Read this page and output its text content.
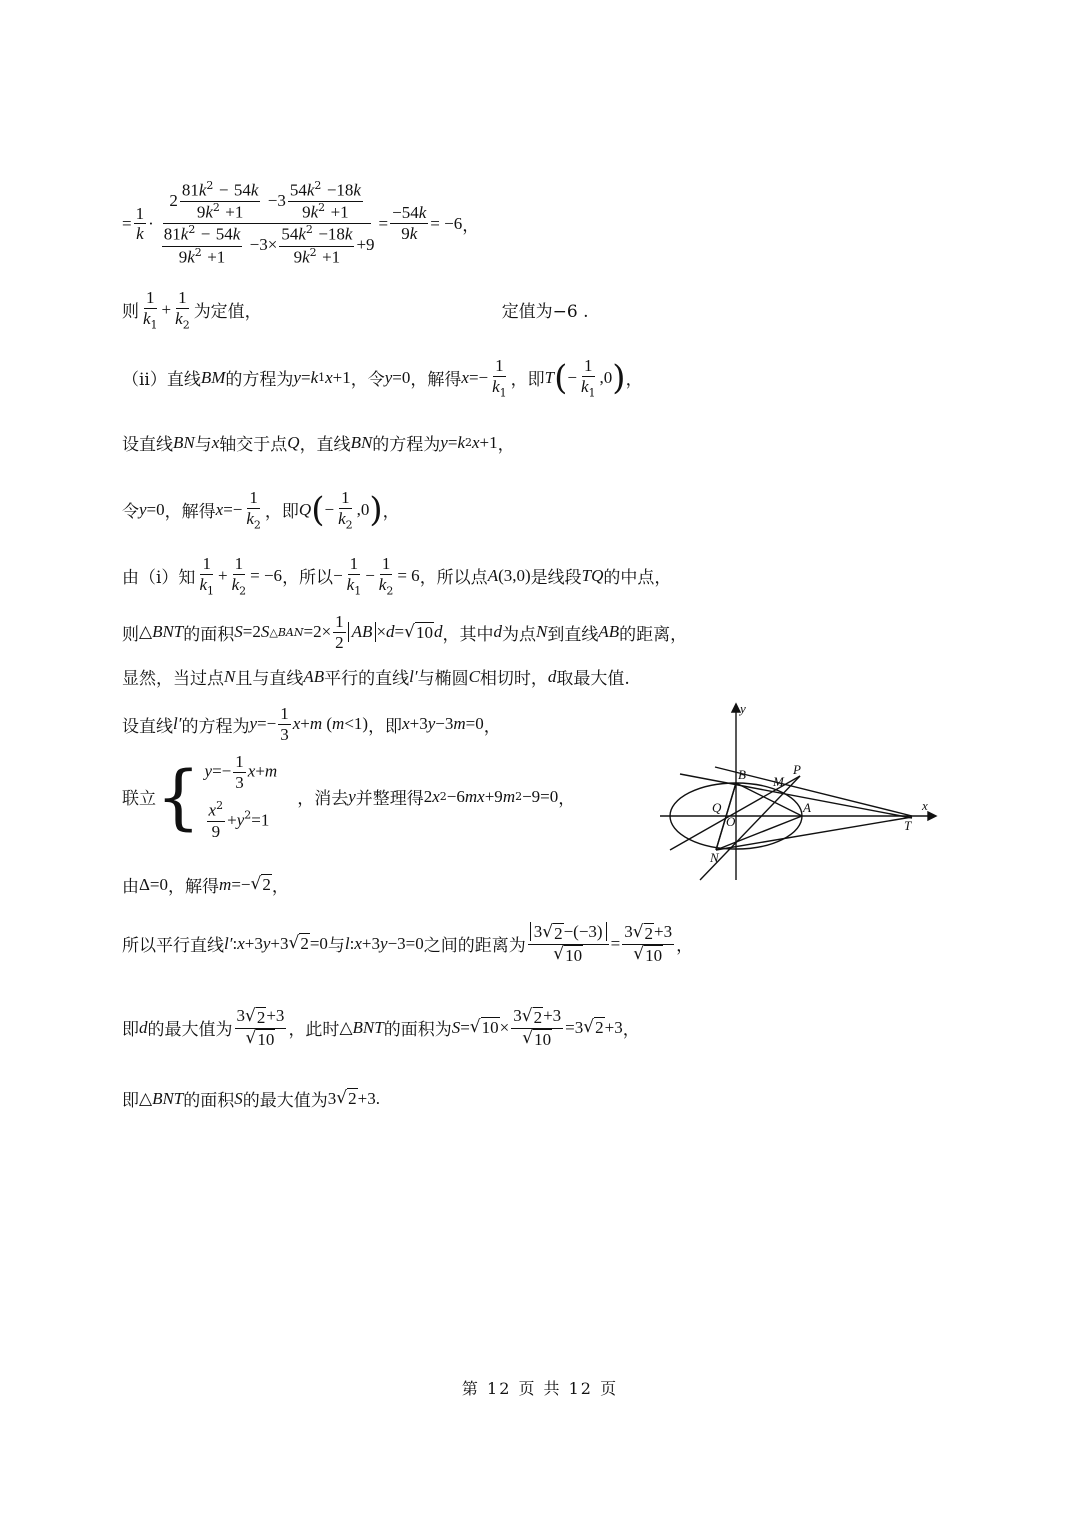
= $\frac{1}{k} \cdot \frac{2 \frac{81k^2 - 54k}{9k^2 +1} -3 \frac{54k^2 -18k}{9k^2 +1}}{\frac{81k^2 - 54k}{9k^2 +1} -3\times \frac{54k^2 -18k}{9k^2 +1} +9} = \frac{-54k}{9k} = -6$ ，
则 $\frac{1}{k_1} + \frac{1}{k_2}$ 为定值，	定值为−6 .
（ii）直线 BM 的方程为 y = k 1 x +1 ，令 y =0 ，解得 $x =- \frac{1}{k_1}$ ，即 T ( − $\frac{1}{k_1} ,0$ ) ，
设直线 BN 与 x 轴交于点 Q ，直线 BN 的方程为 y = k 2 x +1 ，
令 y =0 ，解得 $x =- \frac{1}{k_2}$ ，即 Q ( − $\frac{1}{k_2} ,0$ ) ，
由（i）知 $\frac{1}{k_1} + \frac{1}{k_2} = -6$ ，所以 − $\frac{1}{k_1} - \frac{1}{k_2} = 6$ ，所以点 A (3,0) 是线段 TQ 的中点，
则 △ BNT 的面积 S =2 S △BAN $=2\times \frac{1}{2}$ AB × d = √ 10 d ，其中 d 为点 N 到直线 AB 的距离，
显然，当过点 N 且与直线 AB 平行的直线 l′ 与椭圆 C 相切时， d 取最大值.
设直线 l′ 的方程为 $y =- \frac{1}{3}$ x + m ( m <1) ，即 x +3 y −3 m =0 ，
联立 { $y=- \frac{1}{3} x+m$
$\frac{x^2}{9} +y^2=1$
，消去 y 并整理得 2 x 2 −6 mx +9 m 2 −9=0 ，
由 Δ=0 ，解得 m =− √ 2 ，
所以平行直线 l′ : x +3 y +3 √ 2 =0 与 l : x +3 y −3=0 之间的距离为 $\frac{3 √ 2 -(-3)}{√ 10} = \frac{3 √ 2 +3}{√ 10}$ ，
即 d 的最大值为 $\frac{3 √ 2 +3}{√ 10}$ ，此时 △ BNT 的面积为 S = √ $10 \times \frac{3 √ 2 +3}{√ 10} =3$ √ 2 +3 ，
即 △ BNT 的面积 S 的最大值为 3 √ 2 +3.
y
x
O
B M
P
Q	A
T
N
第 12 页 共 12 页
